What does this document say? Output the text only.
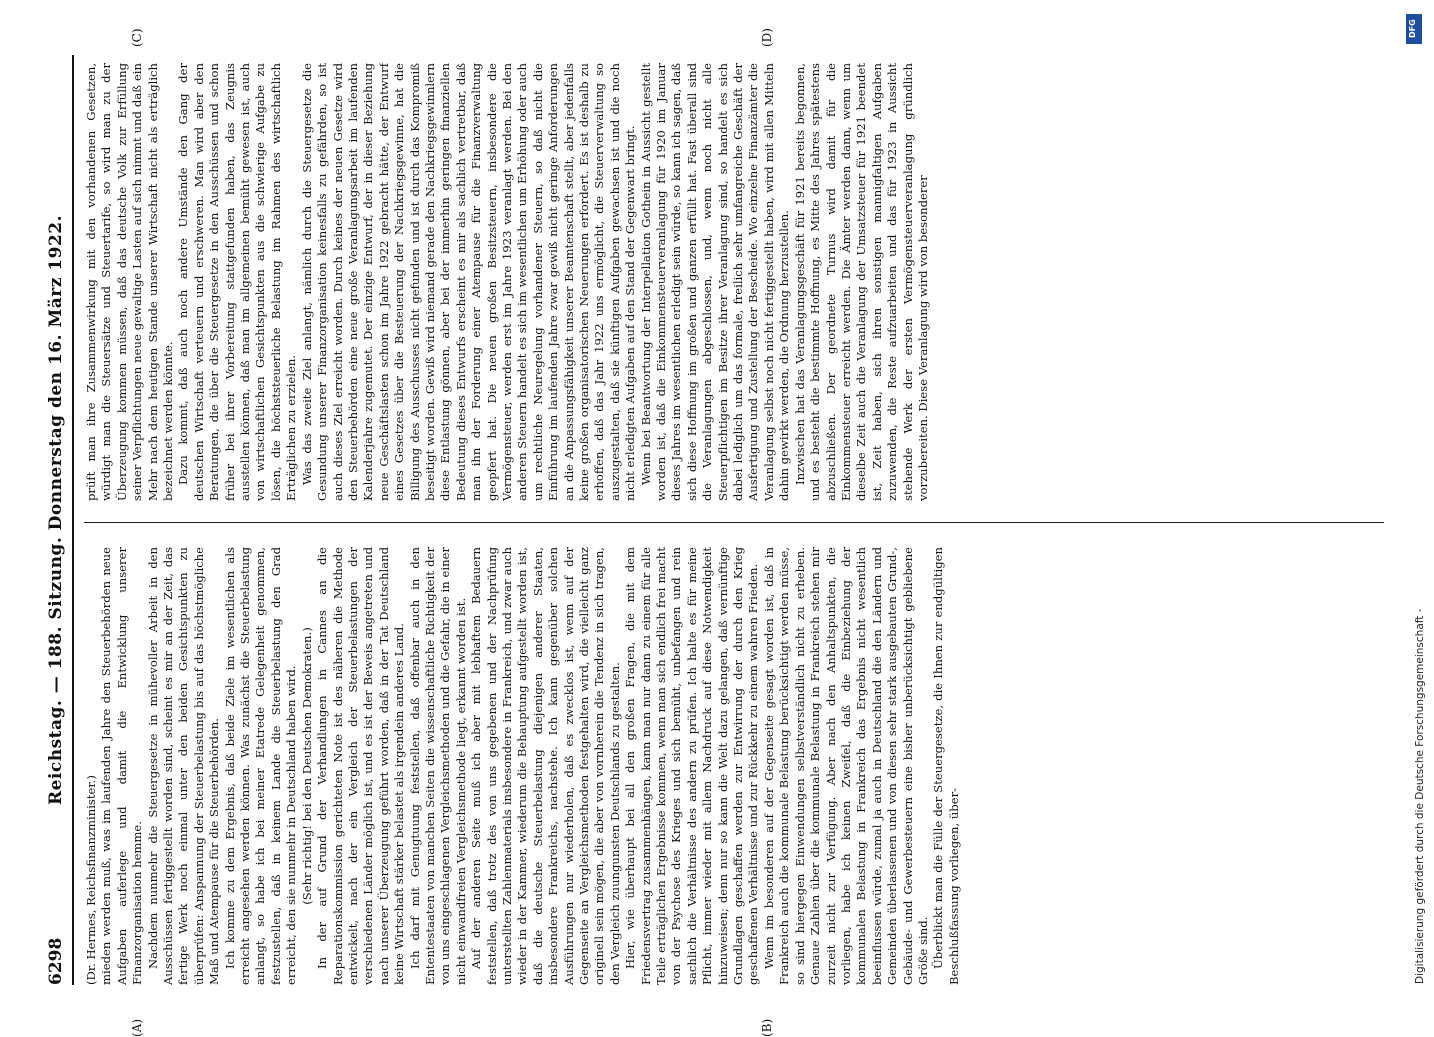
6298
Reichstag. — 188. Sitzung. Donnerstag den 16. März 1922.

(Dr. Hermes, Reichsfinanzminister.) mieden werden muß, was im laufenden Jahre den Steuerbehörden neue Aufgaben auferlege und damit die Entwicklung unserer Finanzorganisation hemme. Nachdem nunmehr die Steuergesetze in mühevoller Arbeit in den Ausschüssen fertiggestellt worden sind, scheint es mir an der Zeit, das fertige Werk noch einmal unter den beiden Gesichtspunkten zu überprüfen: Anspannung der Steuerbelastung bis auf das höchstmögliche Maß und Atempause für die Steuerbehörden. Ich komme zu dem Ergebnis, daß beide Ziele im wesentlichen als erreicht angesehen werden können. Was zunächst die Steuerbelastung anlangt, so habe ich bei meiner Etatrede Gelegenheit genommen, festzustellen, daß in keinem Lande die Steuerbelastung den Grad erreicht, den sie nunmehr in Deutschland haben wird. (Sehr richtig! bei den Deutschen Demokraten.) In der auf Grund der Verhandlungen in Cannes an die Reparationskommission gerichteten Note ist des näheren die Methode entwickelt, nach der ein Vergleich der Steuerbelastungen der verschiedenen Länder möglich ist, und es ist der Beweis angetreten und nach unserer Überzeugung geführt worden, daß in der Tat Deutschland keine Wirtschaft stärker belastet als irgendein anderes Land. Ich darf mit Genugtuung feststellen, daß offenbar auch in den Ententestaaten von manchen Seiten die wissenschaftliche Richtigkeit der von uns eingeschlagenen Vergleichsmethoden und die Gefahr, die in einer nicht einwandfreien Vergleichsmethode liegt, erkannt worden ist. Auf der anderen Seite muß ich aber mit lebhaftem Bedauern feststellen, daß trotz des von uns gegebenen und der Nachprüfung unterstellten Zahlenmaterials insbesondere in Frankreich, und zwar auch wieder in der Kammer, wiederum die Behauptung aufgestellt worden ist, daß die deutsche Steuerbelastung diejenigen anderer Staaten, insbesondere Frankreichs, nachstehe. Ich kann gegenüber solchen Ausführungen nur wiederholen, daß es zwecklos ist, wenn auf der Gegenseite an Vergleichsmethoden festgehalten wird, die vielleicht ganz originell sein mögen, die aber von vornherein die Tendenz in sich tragen, den Vergleich zuungunsten Deutschlands zu gestalten. Hier, wie überhaupt bei all den großen Fragen, die mit dem Friedensvertrag zusammenhängen, kann man nur dann zu einem für alle Teile erträglichen Ergebnisse kommen, wenn man sich endlich frei macht von der Psychose des Krieges und sich bemüht, unbefangen und rein sachlich die Verhältnisse des andern zu prüfen. Ich halte es für meine Pflicht, immer wieder mit allem Nachdruck auf diese Notwendigkeit hinzuweisen; denn nur so kann die Welt dazu gelangen, daß vernünftige Grundlagen geschaffen werden zur Entwirrung der durch den Krieg geschaffenen Verhältnisse und zur Rückkehr zu einem wahren Frieden. Wenn im besonderen auf der Gegenseite gesagt worden ist, daß in Frankreich auch die kommunale Belastung berücksichtigt werden müsse, so sind hiergegen Einwendungen selbstverständlich nicht zu erheben. Genaue Zahlen über die kommunale Belastung in Frankreich stehen mir zurzeit nicht zur Verfügung. Aber nach den Anhaltspunkten, die vorliegen, habe ich keinen Zweifel, daß die Einbeziehung der kommunalen Belastung in Frankreich das Ergebnis nicht wesentlich beeinflussen würde, zumal ja auch in Deutschland die den Ländern und Gemeinden überlassenen und von diesen sehr stark ausgebauten Grund-, Gebäude- und Gewerbesteuern eine bisher unberücksichtigt gebliebene Größe sind. Überblickt man die Fülle der Steuergesetze, die Ihnen zur endgültigen Beschlußfassung vorliegen, über-

prüft man ihre Zusammenwirkung mit den vorhandenen Gesetzen, würdigt man die Steuersätze und Steuertarife, so wird man zu der Überzeugung kommen müssen, daß das deutsche Volk zur Erfüllung seiner Verpflichtungen neue gewaltige Lasten auf sich nimmt und daß ein Mehr nach dem heutigen Stande unserer Wirtschaft nicht als erträglich bezeichnet werden könnte. Dazu kommt, daß auch noch andere Umstände den Gang der deutschen Wirtschaft verteuern und erschweren. Man wird aber den Beratungen, die über die Steuergesetze in den Ausschüssen und schon früher bei ihrer Vorbereitung stattgefunden haben, das Zeugnis ausstellen können, daß man im allgemeinen bemüht gewesen ist, auch von wirtschaftlichen Gesichtspunkten aus die schwierige Aufgabe zu lösen, die höchststeuerliche Belastung im Rahmen des wirtschaftlich Erträglichen zu erzielen. Was das zweite Ziel anlangt, nämlich durch die Steuergesetze die Gesundung unserer Finanzorganisation keinesfalls zu gefährden, so ist auch dieses Ziel erreicht worden. Durch keines der neuen Gesetze wird den Steuerbehörden eine neue große Veranlagungsarbeit im laufenden Kalenderjahre zugemutet. Der einzige Entwurf, der in dieser Beziehung neue Geschäftslasten schon im Jahre 1922 gebracht hätte, der Entwurf eines Gesetzes über die Besteuerung der Nachkriegsgewinne, hat die Billigung des Ausschusses nicht gefunden und ist durch das Kompromiß beseitigt worden. Gewiß wird niemand gerade den Nachkriegsgewinnlern diese Entlastung gönnen, aber bei der immerhin geringen finanziellen Bedeutung dieses Entwurfs erscheint es mir als sachlich vertretbar, daß man ihn der Forderung einer Atempause für die Finanzverwaltung geopfert hat. Die neuen großen Besitzsteuern, insbesondere die Vermögensteuer, werden erst im Jahre 1923 veranlagt werden. Bei den anderen Steuern handelt es sich im wesentlichen um Erhöhung oder auch um rechtliche Neuregelung vorhandener Steuern, so daß nicht die Einführung im laufenden Jahre zwar gewiß nicht geringe Anforderungen an die Anpassungsfähigkeit unserer Beamtenschaft stellt, aber jedenfalls keine großen organisatorischen Neuerungen erfordert. Es ist deshalb zu erhoffen, daß das Jahr 1922 uns ermöglicht, die Steuerverwaltung so auszugestalten, daß sie künftigen Aufgaben gewachsen ist und die noch nicht erledigten Aufgaben auf den Stand der Gegenwart bringt. Wenn bei Beantwortung der Interpellation Gothein in Aussicht gestellt worden ist, daß die Einkommensteuerveranlagung für 1920 im Januar dieses Jahres im wesentlichen erledigt sein würde, so kann ich sagen, daß sich diese Hoffnung im großen und ganzen erfüllt hat. Fast überall sind die Veranlagungen abgeschlossen, und, wenn noch nicht alle Steuerpflichtigen im Besitze ihrer Veranlagung sind, so handelt es sich dabei lediglich um das formale, freilich sehr umfangreiche Geschäft der Ausfertigung und Zustellung der Bescheide. Wo einzelne Finanzämter die Veranlagung selbst noch nicht fertiggestellt haben, wird mit allen Mitteln dahin gewirkt werden, die Ordnung herzustellen. Inzwischen hat das Veranlagungsgeschäft für 1921 bereits begonnen, und es besteht die bestimmte Hoffnung, es Mitte des Jahres spätestens abzuschließen. Der geordnete Turnus wird damit für die Einkommensteuer erreicht werden. Die Ämter werden dann, wenn um dieselbe Zeit auch die Veranlagung der Umsatzsteuer für 1921 beendet ist, Zeit haben, sich ihren sonstigen mannigfaltigen Aufgaben zuzuwenden, die Reste aufzuarbeiten und das für 1923 in Aussicht stehende Werk der ersten Vermögensteuerveranlagung gründlich vorzubereiten. Diese Veranlagung wird von besonderer

(A)	(B)
(C)	(D)	DFG
Digitalisierung gefördert durch die Deutsche Forschungsgemeinschaft -
